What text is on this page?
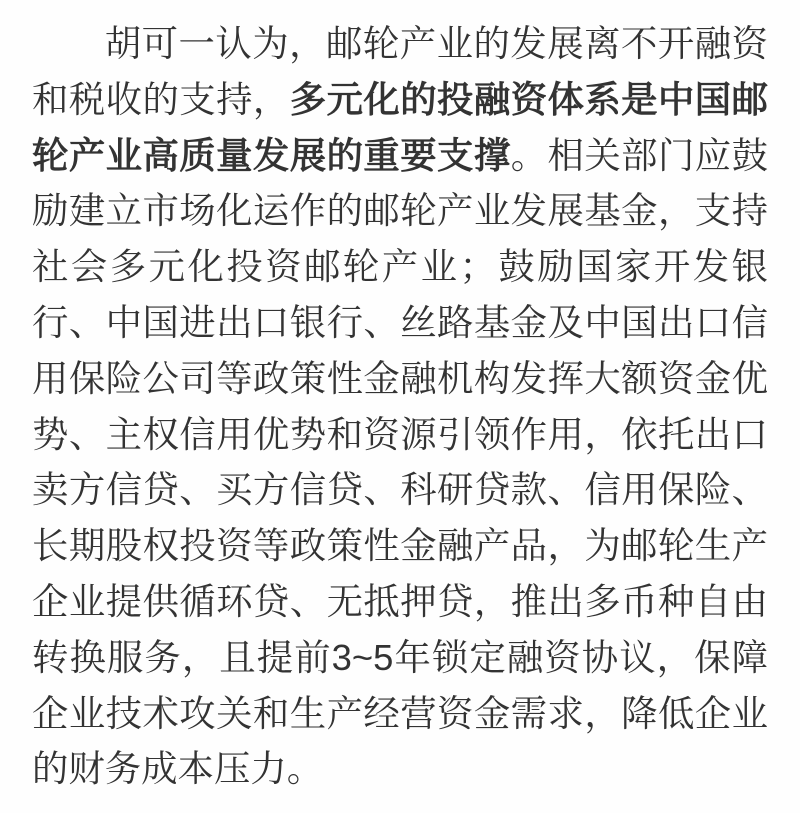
胡可一认为，邮轮产业的发展离不开融资
和税收的支持，多元化的投融资体系是中国邮
轮产业高质量发展的重要支撑。相关部门应鼓
励建立市场化运作的邮轮产业发展基金，支持
社会多元化投资邮轮产业；鼓励国家开发银
行、中国进出口银行、丝路基金及中国出口信
用保险公司等政策性金融机构发挥大额资金优
势、主权信用优势和资源引领作用，依托出口
卖方信贷、买方信贷、科研贷款、信用保险、
长期股权投资等政策性金融产品，为邮轮生产
企业提供循环贷、无抵押贷，推出多币种自由
转换服务，且提前3~5年锁定融资协议，保障
企业技术攻关和生产经营资金需求，降低企业
的财务成本压力。
